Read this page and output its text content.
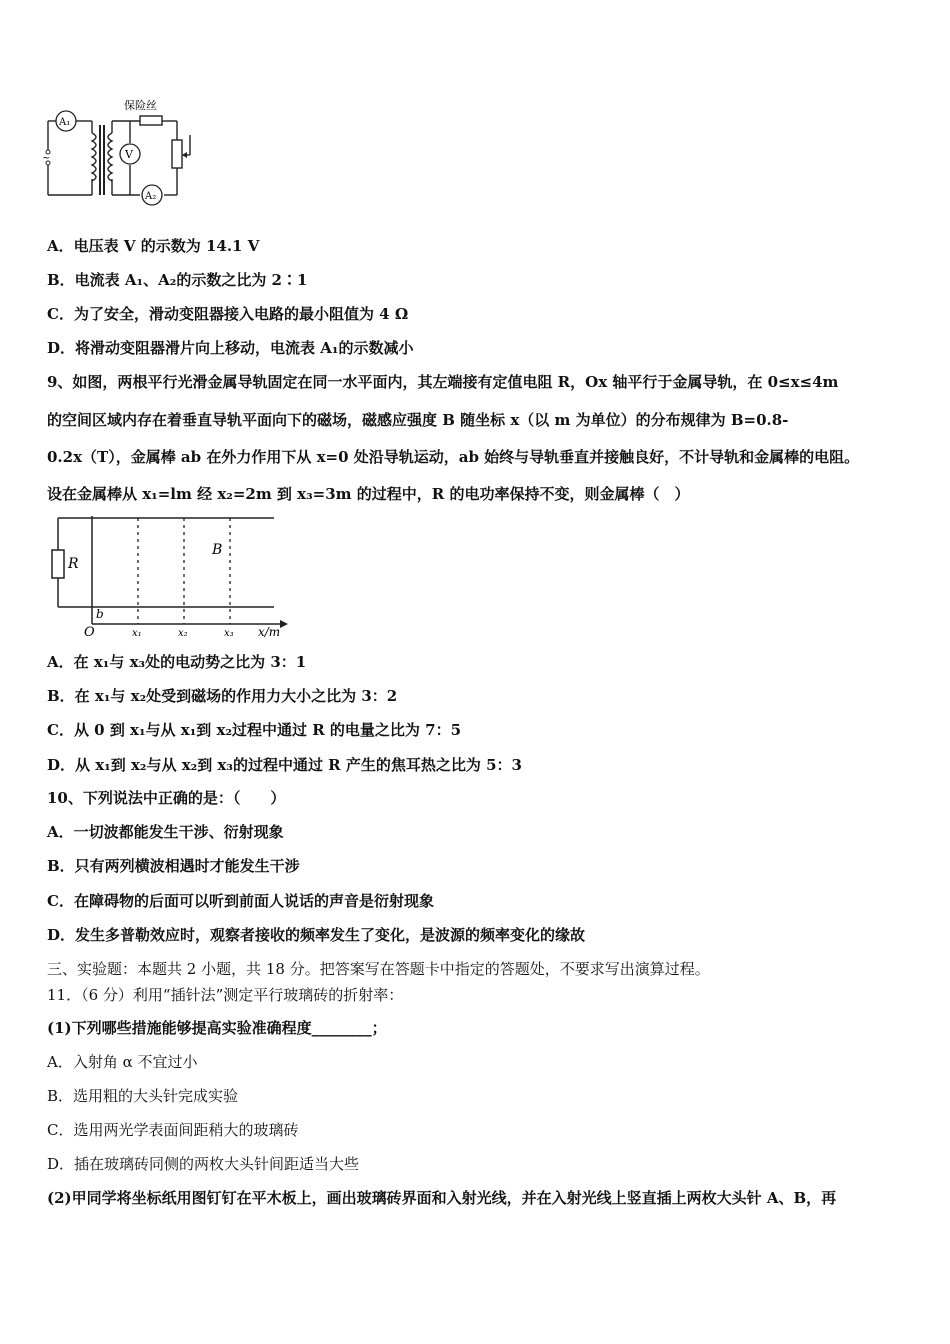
~
A₁
V
A₂
保险丝
A．电压表 V 的示数为 14.1 V
B．电流表 A₁、A₂的示数之比为 2∶1
C．为了安全，滑动变阻器接入电路的最小阻值为 4 Ω
D．将滑动变阻器滑片向上移动，电流表 A₁的示数减小
9、如图，两根平行光滑金属导轨固定在同一水平面内，其左端接有定值电阻 R，Ox 轴平行于金属导轨，在 0≤x≤4m
的空间区域内存在着垂直导轨平面向下的磁场，磁感应强度 B 随坐标 x（以 m 为单位）的分布规律为 B=0.8-
0.2x（T），金属棒 ab 在外力作用下从 x=0 处沿导轨运动，ab 始终与导轨垂直并接触良好，不计导轨和金属棒的电阻。
设在金属棒从 x₁=lm 经 x₂=2m 到 x₃=3m 的过程中，R 的电功率保持不变，则金属棒（　）
R
B
b
O	x₁	x₂	x₃ x/m
A．在 x₁与 x₃处的电动势之比为 3：1
B．在 x₁与 x₂处受到磁场的作用力大小之比为 3：2
C．从 0 到 x₁与从 x₁到 x₂过程中通过 R 的电量之比为 7：5
D．从 x₁到 x₂与从 x₂到 x₃的过程中通过 R 产生的焦耳热之比为 5：3
10、下列说法中正确的是：（　　）
A．一切波都能发生干涉、衍射现象
B．只有两列横波相遇时才能发生干涉
C．在障碍物的后面可以听到前面人说话的声音是衍射现象
D．发生多普勒效应时，观察者接收的频率发生了变化，是波源的频率变化的缘故
三、实验题：本题共 2 小题，共 18 分。把答案写在答题卡中指定的答题处，不要求写出演算过程。
11．（6 分）利用“插针法”测定平行玻璃砖的折射率：
(1)下列哪些措施能够提高实验准确程度________；
A．入射角 α 不宜过小
B．选用粗的大头针完成实验
C．选用两光学表面间距稍大的玻璃砖
D．插在玻璃砖同侧的两枚大头针间距适当大些
(2)甲同学将坐标纸用图钉钉在平木板上，画出玻璃砖界面和入射光线，并在入射光线上竖直插上两枚大头针 A、B，再
